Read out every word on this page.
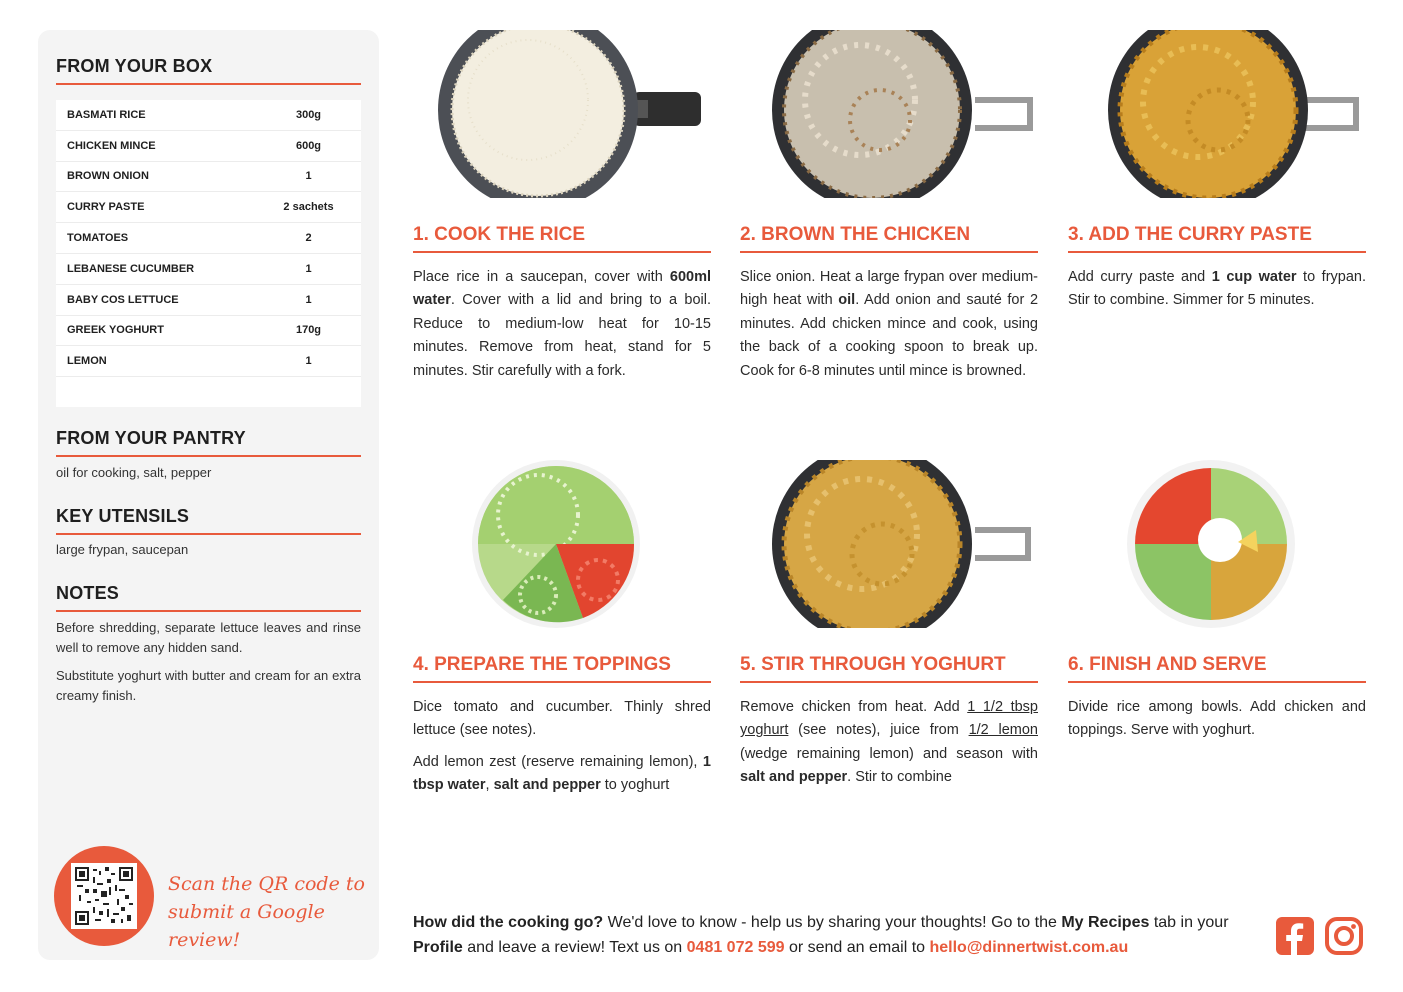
FROM YOUR BOX
BASMATI RICE	300g
CHICKEN MINCE	600g
BROWN ONION	1
CURRY PASTE	2 sachets
TOMATOES	2
LEBANESE CUCUMBER	1
BABY COS LETTUCE	1
GREEK YOGHURT	170g
LEMON	1
FROM YOUR PANTRY
oil for cooking, salt, pepper
KEY UTENSILS
large frypan, saucepan
NOTES

Before shredding, separate lettuce leaves and rinse well to remove any hidden sand.

Substitute yoghurt with butter and cream for an extra creamy finish.

Scan the QR code to
submit a Google review!
1. COOK THE RICE

Place rice in a saucepan, cover with 600ml water. Cover with a lid and bring to a boil. Reduce to medium-low heat for 10-15 minutes. Remove from heat, stand for 5 minutes. Stir carefully with a fork.

2. BROWN THE CHICKEN

Slice onion. Heat a large frypan over medium-high heat with oil. Add onion and sauté for 2 minutes. Add chicken mince and cook, using the back of a cooking spoon to break up. Cook for 6-8 minutes until mince is browned.

3. ADD THE CURRY PASTE

Add curry paste and 1 cup water to frypan. Stir to combine. Simmer for 5 minutes.

4. PREPARE THE TOPPINGS

Dice tomato and cucumber. Thinly shred lettuce (see notes).

Add lemon zest (reserve remaining lemon), 1 tbsp water, salt and pepper to yoghurt

5. STIR THROUGH YOGHURT

Remove chicken from heat. Add 1 1/2 tbsp yoghurt (see notes), juice from 1/2 lemon (wedge remaining lemon) and season with salt and pepper. Stir to combine

6. FINISH AND SERVE

Divide rice among bowls. Add chicken and toppings. Serve with yoghurt.

How did the cooking go? We'd love to know - help us by sharing your thoughts! Go to the My Recipes tab in your Profile and leave a review! Text us on 0481 072 599 or send an email to hello@dinnertwist.com.au
